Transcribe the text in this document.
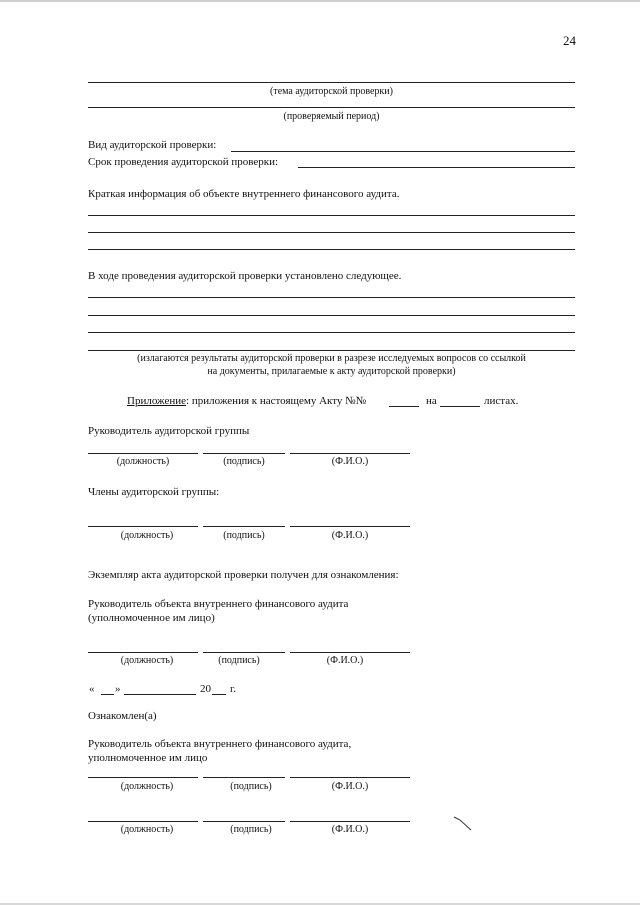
24
(тема аудиторской проверки)
(проверяемый период)
Вид аудиторской проверки:
Срок проведения аудиторской проверки:
Краткая информация об объекте внутреннего финансового аудита.
В ходе проведения аудиторской проверки установлено следующее.
(излагаются результаты аудиторской проверки в разрезе исследуемых вопросов со ссылкой
на документы, прилагаемые к акту аудиторской проверки)
Приложение: приложения к настоящему Акту №№	на	листах.
Руководитель аудиторской группы
(должность)	(подпись)	(Ф.И.О.)
Члены аудиторской группы:
(должность)	(подпись)	(Ф.И.О.)
Экземпляр акта аудиторской проверки получен для ознакомления:
Руководитель объекта внутреннего финансового аудита
(уполномоченное им лицо)
(должность)	(подпись)	(Ф.И.О.)
« »	20 г.
Ознакомлен(а)
Руководитель объекта внутреннего финансового аудита,
уполномоченное им лицо
(должность)	(подпись)	(Ф.И.О.)
(должность)	(подпись)	(Ф.И.О.)
